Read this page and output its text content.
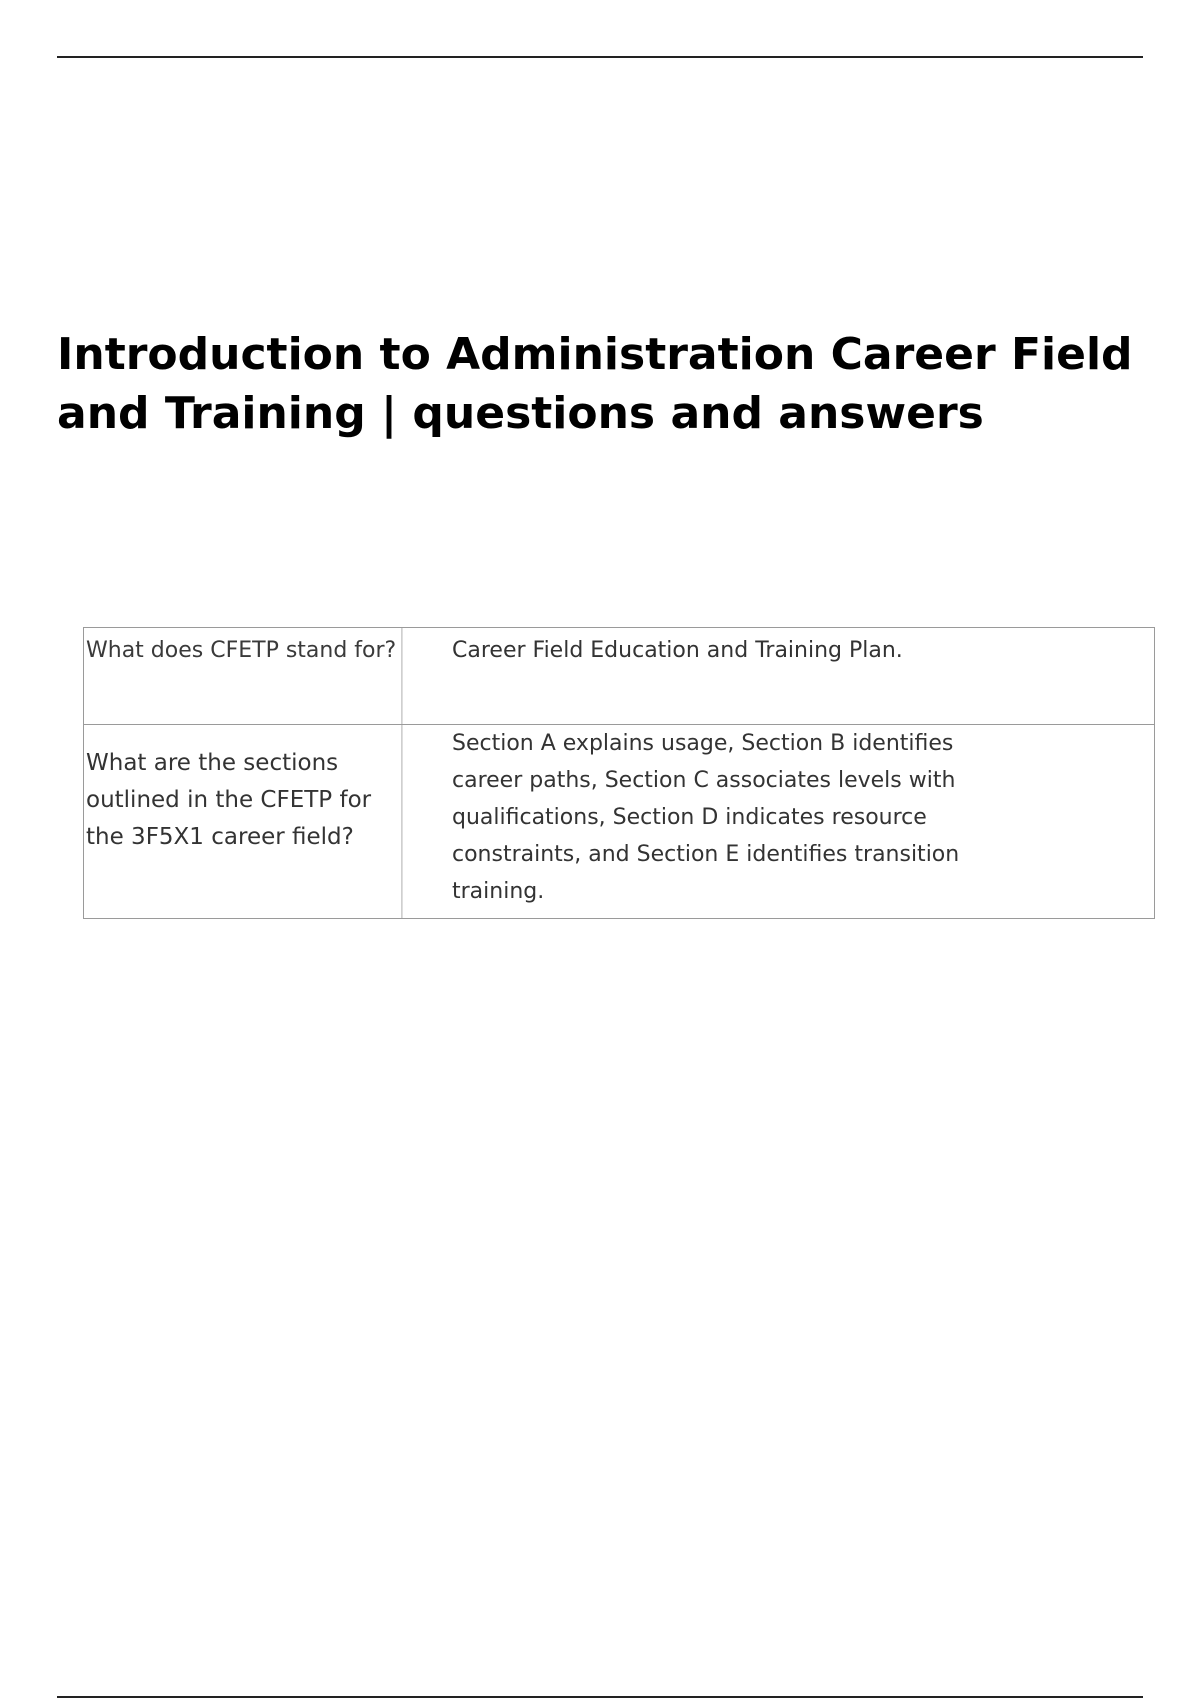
Introduction to Administration Career Field and Training | questions and answers
What does CFETP stand for?	Career Field Education and Training Plan.
What are the sections outlined in the CFETP for the 3F5X1 career field?
Section A explains usage, Section B identifies career paths, Section C associates levels with qualifications, Section D indicates resource constraints, and Section E identifies transition training.
